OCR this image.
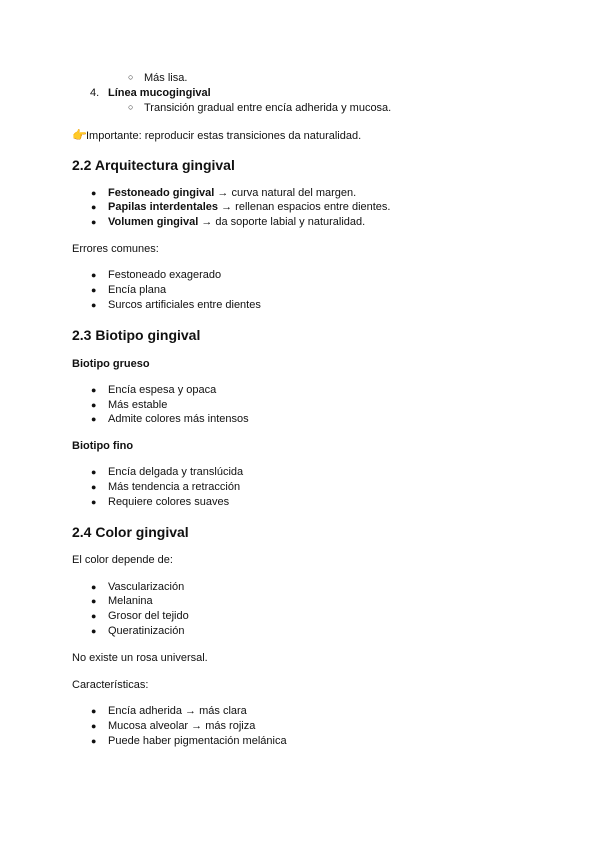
○ Más lisa.
4. Línea mucogingival
○ Transición gradual entre encía adherida y mucosa.
👉Importante: reproducir estas transiciones da naturalidad.
2.2 Arquitectura gingival
● Festoneado gingival → curva natural del margen.
● Papilas interdentales → rellenan espacios entre dientes.
● Volumen gingival → da soporte labial y naturalidad.
Errores comunes:
● Festoneado exagerado
● Encía plana
● Surcos artificiales entre dientes
2.3 Biotipo gingival
Biotipo grueso
● Encía espesa y opaca
● Más estable
● Admite colores más intensos
Biotipo fino
● Encía delgada y translúcida
● Más tendencia a retracción
● Requiere colores suaves
2.4 Color gingival
El color depende de:
● Vascularización
● Melanina
● Grosor del tejido
● Queratinización
No existe un rosa universal.
Características:
● Encía adherida → más clara
● Mucosa alveolar → más rojiza
● Puede haber pigmentación melánica
